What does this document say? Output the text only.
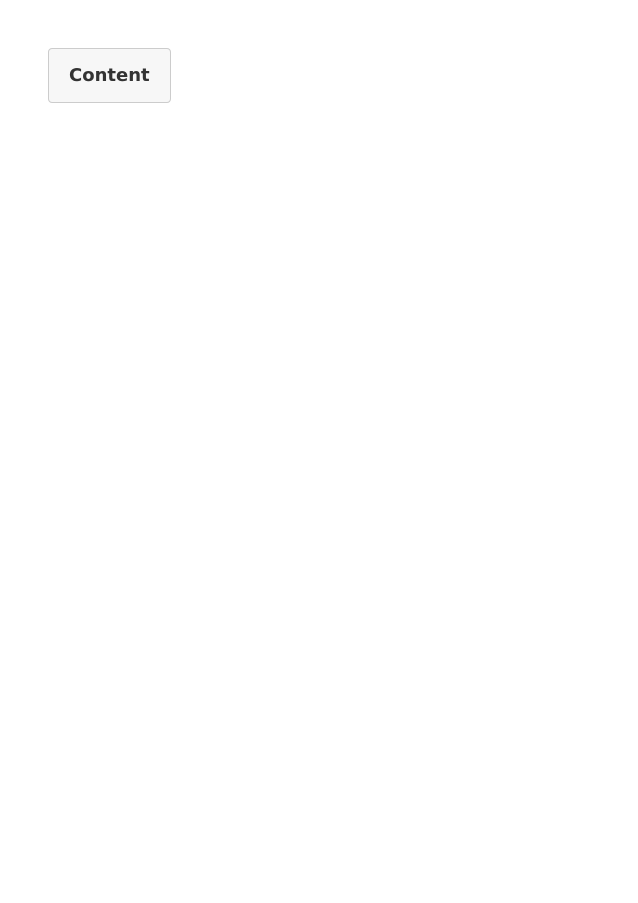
Content
